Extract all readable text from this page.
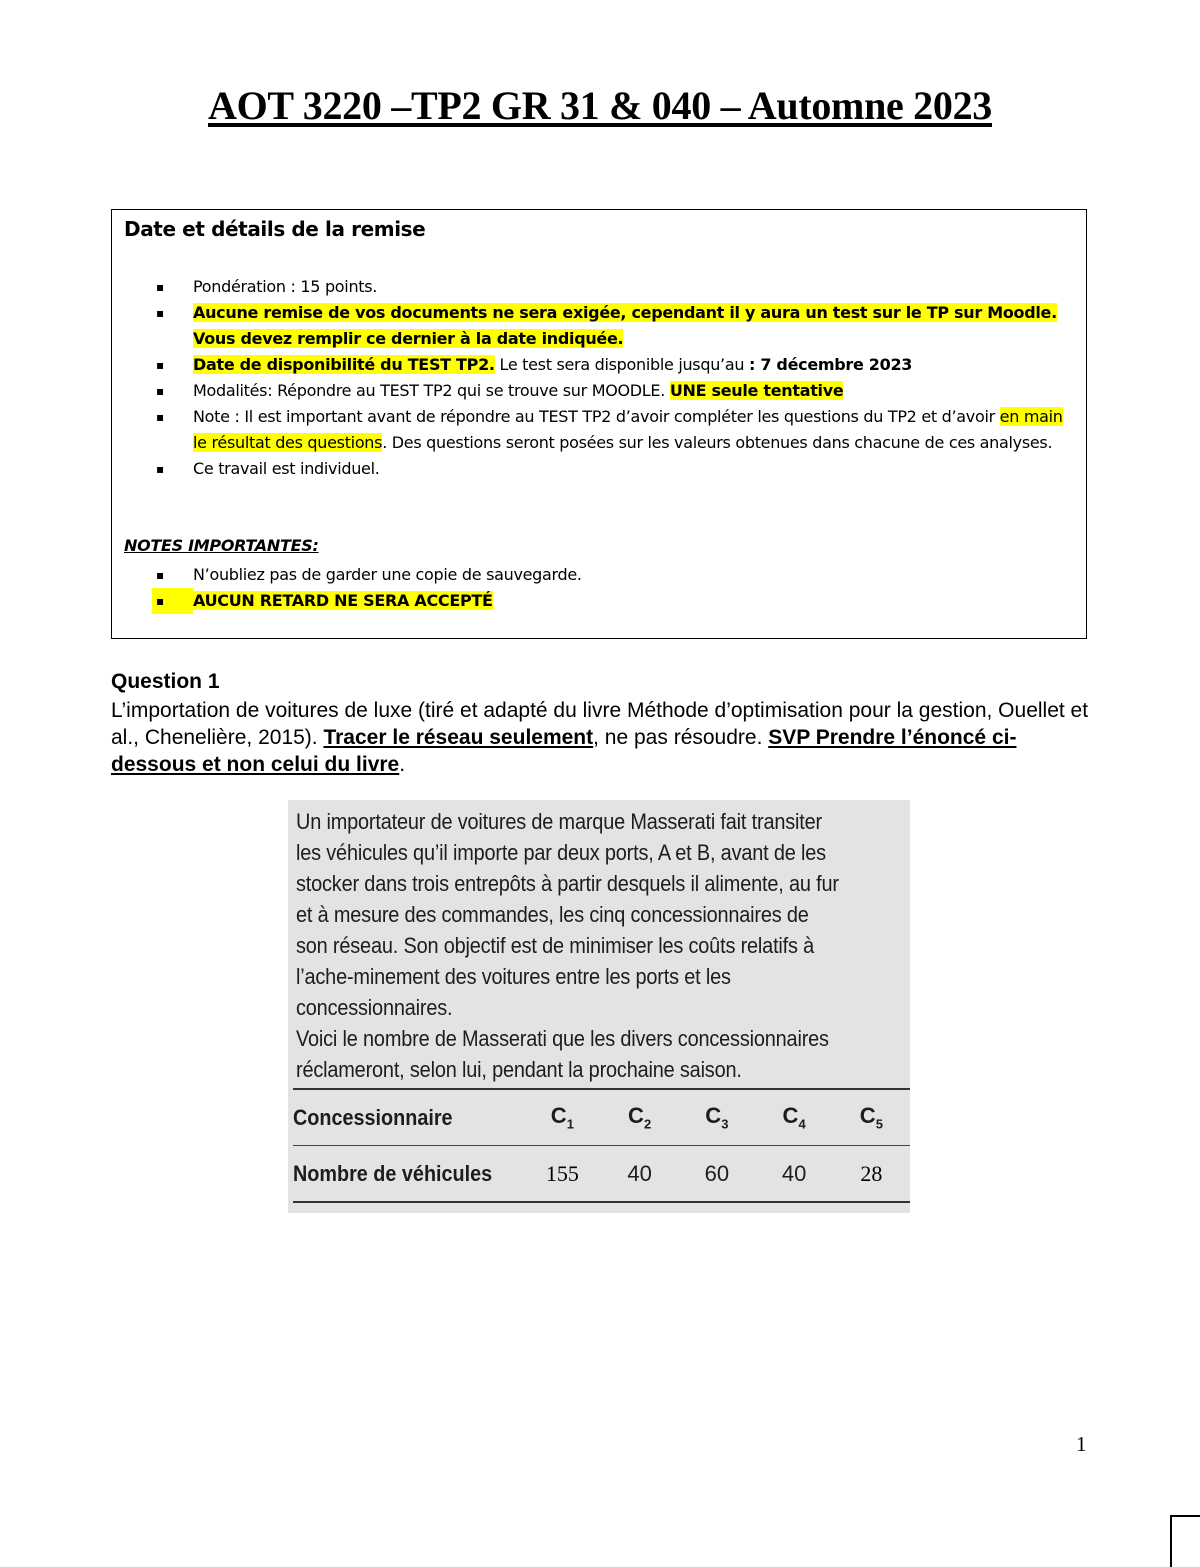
AOT 3220 –TP2 GR 31 & 040 – Automne 2023
Date et détails de la remise
▪ Pondération : 15 points.
▪ Aucune remise de vos documents ne sera exigée, cependant il y aura un test sur le TP sur Moodle. Vous devez remplir ce dernier à la date indiquée.
▪ Date de disponibilité du TEST TP2. Le test sera disponible jusqu’au : 7 décembre 2023
▪ Modalités: Répondre au TEST TP2 qui se trouve sur MOODLE. UNE seule tentative
▪ Note : Il est important avant de répondre au TEST TP2 d’avoir compléter les questions du TP2 et d’avoir en main le résultat des questions. Des questions seront posées sur les valeurs obtenues dans chacune de ces analyses.
▪ Ce travail est individuel.
NOTES IMPORTANTES:
▪ N’oubliez pas de garder une copie de sauvegarde.
▪	AUCUN RETARD NE SERA ACCEPTÉ
Question 1
L’importation de voitures de luxe (tiré et adapté du livre Méthode d’optimisation pour la gestion, Ouellet et al., Chenelière, 2015). Tracer le réseau seulement, ne pas résoudre. SVP Prendre l’énoncé ci-dessous et non celui du livre.
Un importateur de voitures de marque Masserati fait transiter les véhicules qu’il importe par deux ports, A et B, avant de les stocker dans trois entrepôts à partir desquels il alimente, au fur et à mesure des commandes, les cinq concessionnaires de son réseau. Son objectif est de minimiser les coûts relatifs à l’ache-minement des voitures entre les ports et les concessionnaires.
Voici le nombre de Masserati que les divers concessionnaires réclameront, selon lui, pendant la prochaine saison.
Concessionnaire	$C_1$	$C_2$	$C_3$	$C_4$	$C_5$
Nombre de véhicules	155	40	60	40	28
1
